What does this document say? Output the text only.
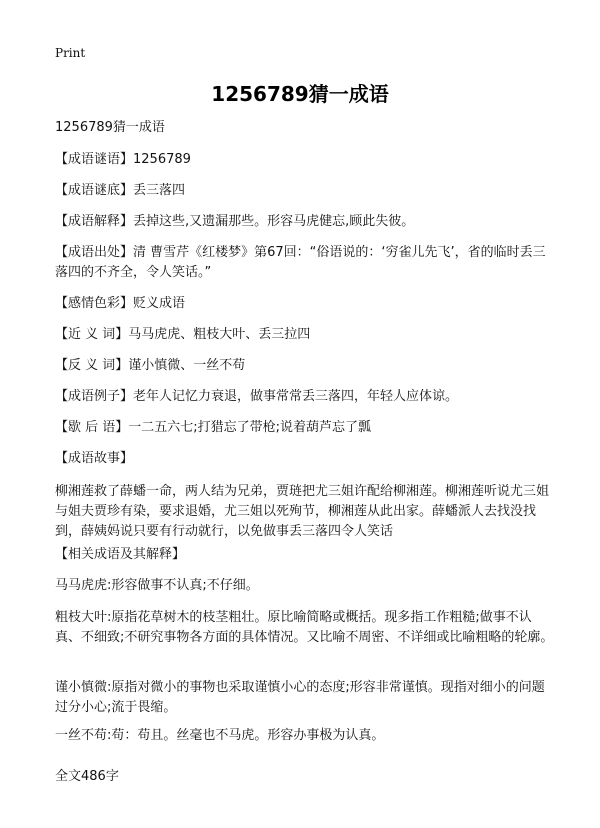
Print
1256789猜一成语
1256789猜一成语
【成语谜语】1256789
【成语谜底】丢三落四
【成语解释】丢掉这些,又遗漏那些。形容马虎健忘,顾此失彼。
【成语出处】清 曹雪芹《红楼梦》第67回：“俗语说的：‘穷雀儿先飞’，省的临时丢三落四的不齐全，令人笑话。”
【感情色彩】贬义成语
【近 义 词】马马虎虎、粗枝大叶、丢三拉四
【反 义 词】谨小慎微、一丝不苟
【成语例子】老年人记忆力衰退，做事常常丢三落四，年轻人应体谅。
【歇 后 语】一二五六七;打猎忘了带枪;说着葫芦忘了瓢
【成语故事】
柳湘莲救了薛蟠一命，两人结为兄弟，贾琏把尤三姐许配给柳湘莲。柳湘莲听说尤三姐与姐夫贾珍有染，要求退婚，尤三姐以死殉节，柳湘莲从此出家。薛蟠派人去找没找到，薛姨妈说只要有行动就行，以免做事丢三落四令人笑话
【相关成语及其解释】
马马虎虎:形容做事不认真;不仔细。
粗枝大叶:原指花草树木的枝茎粗壮。原比喻简略或概括。现多指工作粗糙;做事不认真、不细致;不研究事物各方面的具体情况。又比喻不周密、不详细或比喻粗略的轮廓。
谨小慎微:原指对微小的事物也采取谨慎小心的态度;形容非常谨慎。现指对细小的问题过分小心;流于畏缩。
一丝不苟:苟：苟且。丝毫也不马虎。形容办事极为认真。
全文486字
